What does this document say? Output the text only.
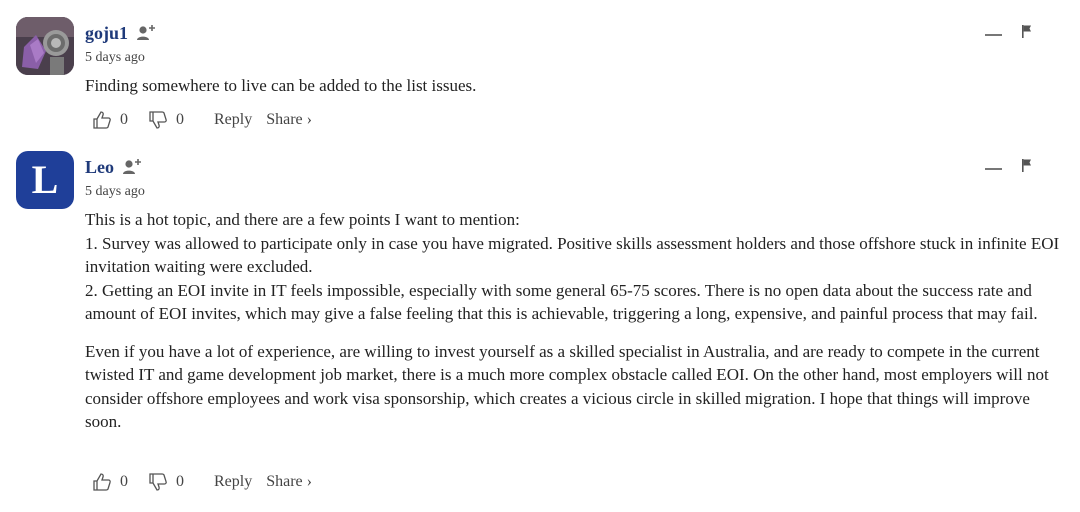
goju1
5 days ago

Finding somewhere to live can be added to the list issues.

0	0 Reply Share ›
L	Leo
5 days ago

This is a hot topic, and there are a few points I want to mention:

1. Survey was allowed to participate only in case you have migrated. Positive skills assessment holders and those offshore stuck in infinite EOI invitation waiting were excluded.

2. Getting an EOI invite in IT feels impossible, especially with some general 65-75 scores. There is no open data about the success rate and amount of EOI invites, which may give a false feeling that this is achievable, triggering a long, expensive, and painful process that may fail.

Even if you have a lot of experience, are willing to invest yourself as a skilled specialist in Australia, and are ready to compete in the current twisted IT and game development job market, there is a much more complex obstacle called EOI. On the other hand, most employers will not consider offshore employees and work visa sponsorship, which creates a vicious circle in skilled migration. I hope that things will improve soon.

0	0 Reply Share ›
